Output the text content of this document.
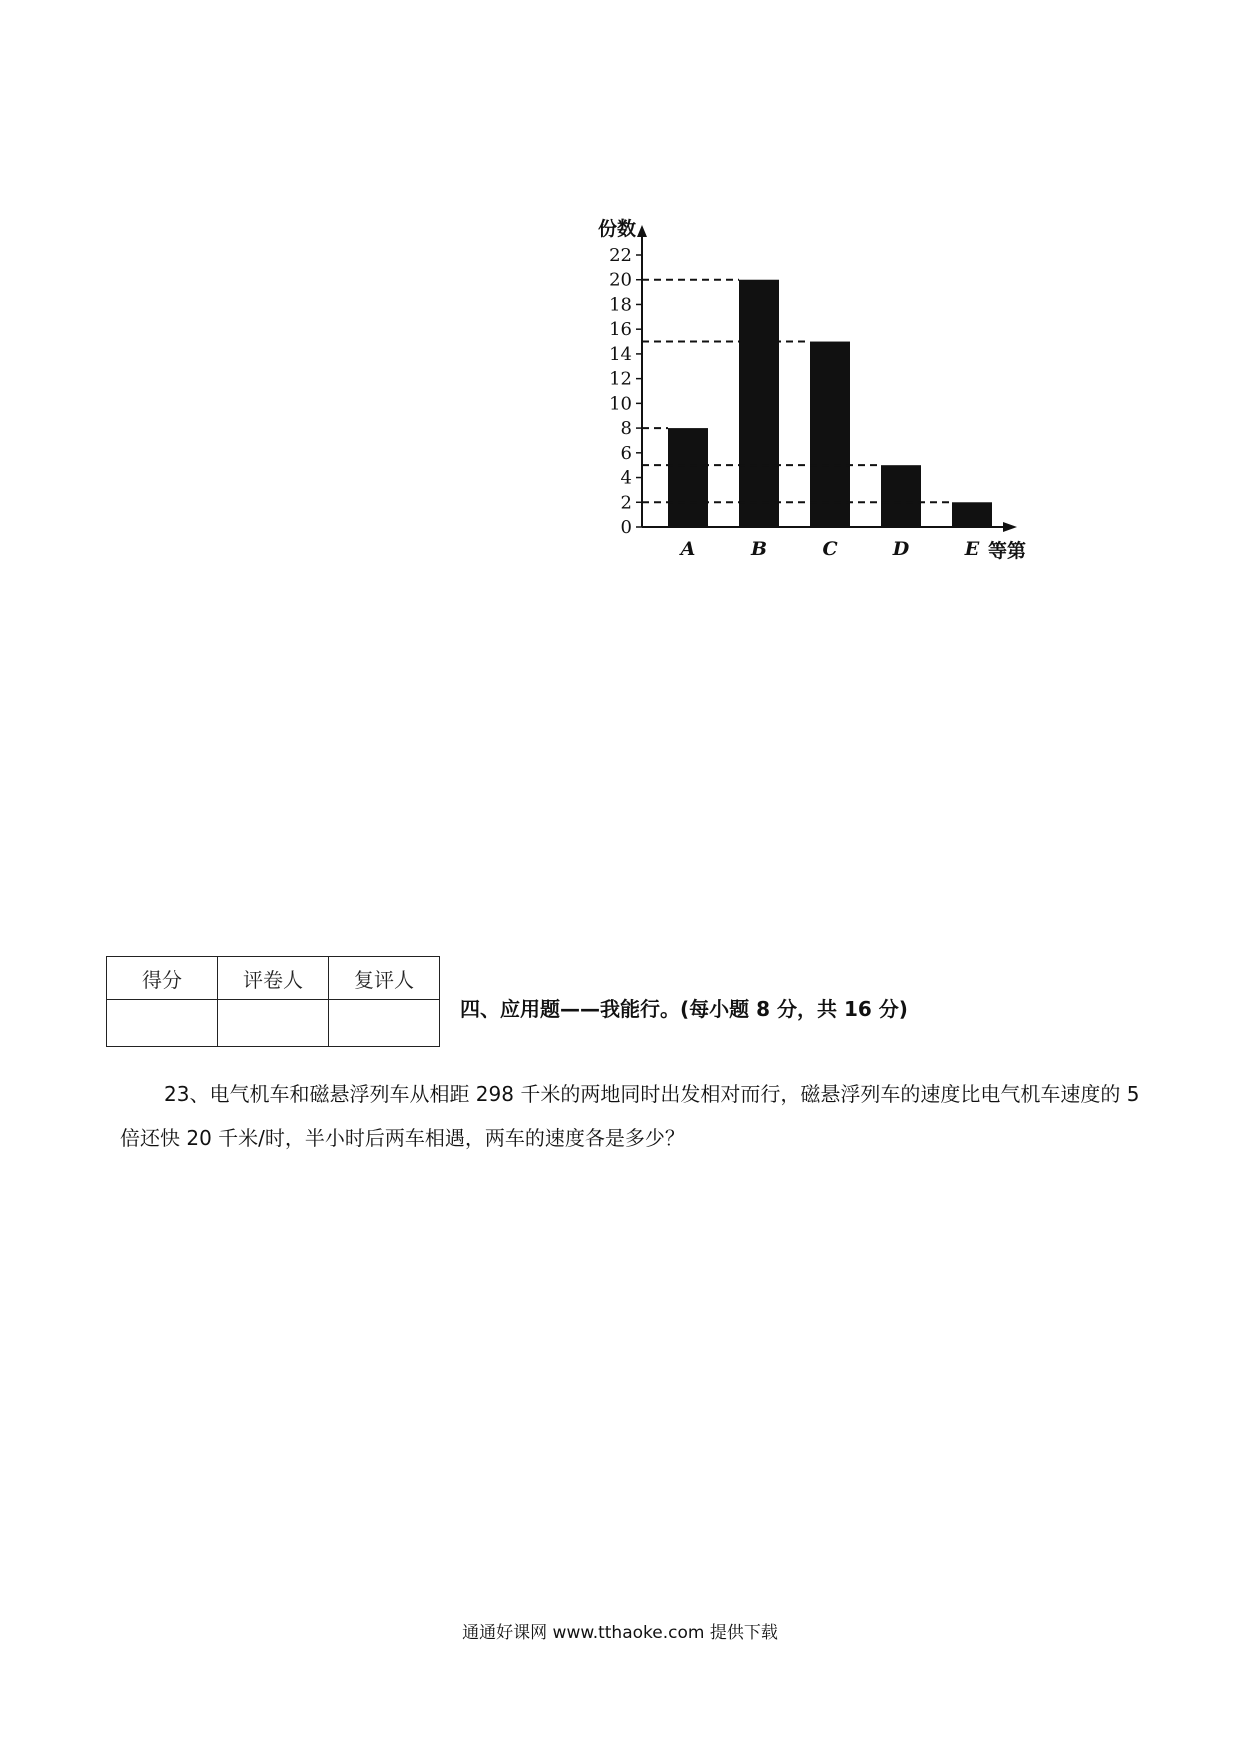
0
2
4
6
8
10
12
14
16
18
20
22
份数
A	B	C	D	E 等第
得分	评卷人	复评人

四、应用题——我能行。(每小题 8 分，共 16 分)
23、电气机车和磁悬浮列车从相距 298 千米的两地同时出发相对而行，磁悬浮列车的速度比电气机车速度的 5 倍还快 20 千米/时，半小时后两车相遇，两车的速度各是多少？
通通好课网 www.tthaoke.com 提供下载
